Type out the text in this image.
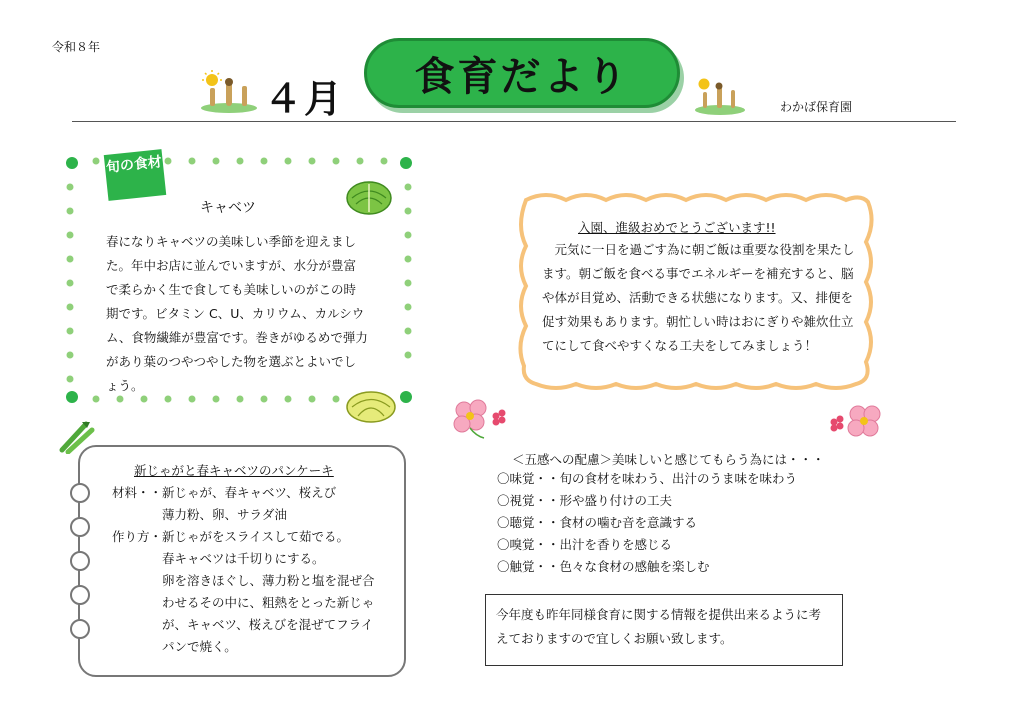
令和８年
４月 食育だより
わかば保育園
旬の食材
キャベツ
春になりキャベツの美味しい季節を迎えました。年中お店に並んでいますが、水分が豊富で柔らかく生で食しても美味しいのがこの時期です。ビタミン C、U、カリウム、カルシウム、食物繊維が豊富です。巻きがゆるめで弾力があり葉のつやつやした物を選ぶとよいでしょう。
新じゃがと春キャベツのパンケーキ
材料・・新じゃが、春キャベツ、桜えび
　　　　薄力粉、卵、サラダ油
作り方・新じゃがをスライスして茹でる。
　　　　春キャベツは千切りにする。
　　　　卵を溶きほぐし、薄力粉と塩を混ぜ合
　　　　わせるその中に、粗熱をとった新じゃ
　　　　が、キャベツ、桜えびを混ぜてフライ
　　　　パンで焼く。
入園、進級おめでとうございます!!
　元気に一日を過ごす為に朝ご飯は重要な役割を果たします。朝ご飯を食べる事でエネルギーを補充すると、脳や体が目覚め、活動できる状態になります。又、排便を促す効果もあります。朝忙しい時はおにぎりや雑炊仕立てにして食べやすくなる工夫をしてみましょう！
＜五感への配慮＞美味しいと感じてもらう為には・・・
〇味覚・・旬の食材を味わう、出汁のうま味を味わう
〇視覚・・形や盛り付けの工夫
〇聴覚・・食材の噛む音を意識する
〇嗅覚・・出汁を香りを感じる
〇触覚・・色々な食材の感触を楽しむ
今年度も昨年同様食育に関する情報を提供出来るように考えておりますので宜しくお願い致します。
